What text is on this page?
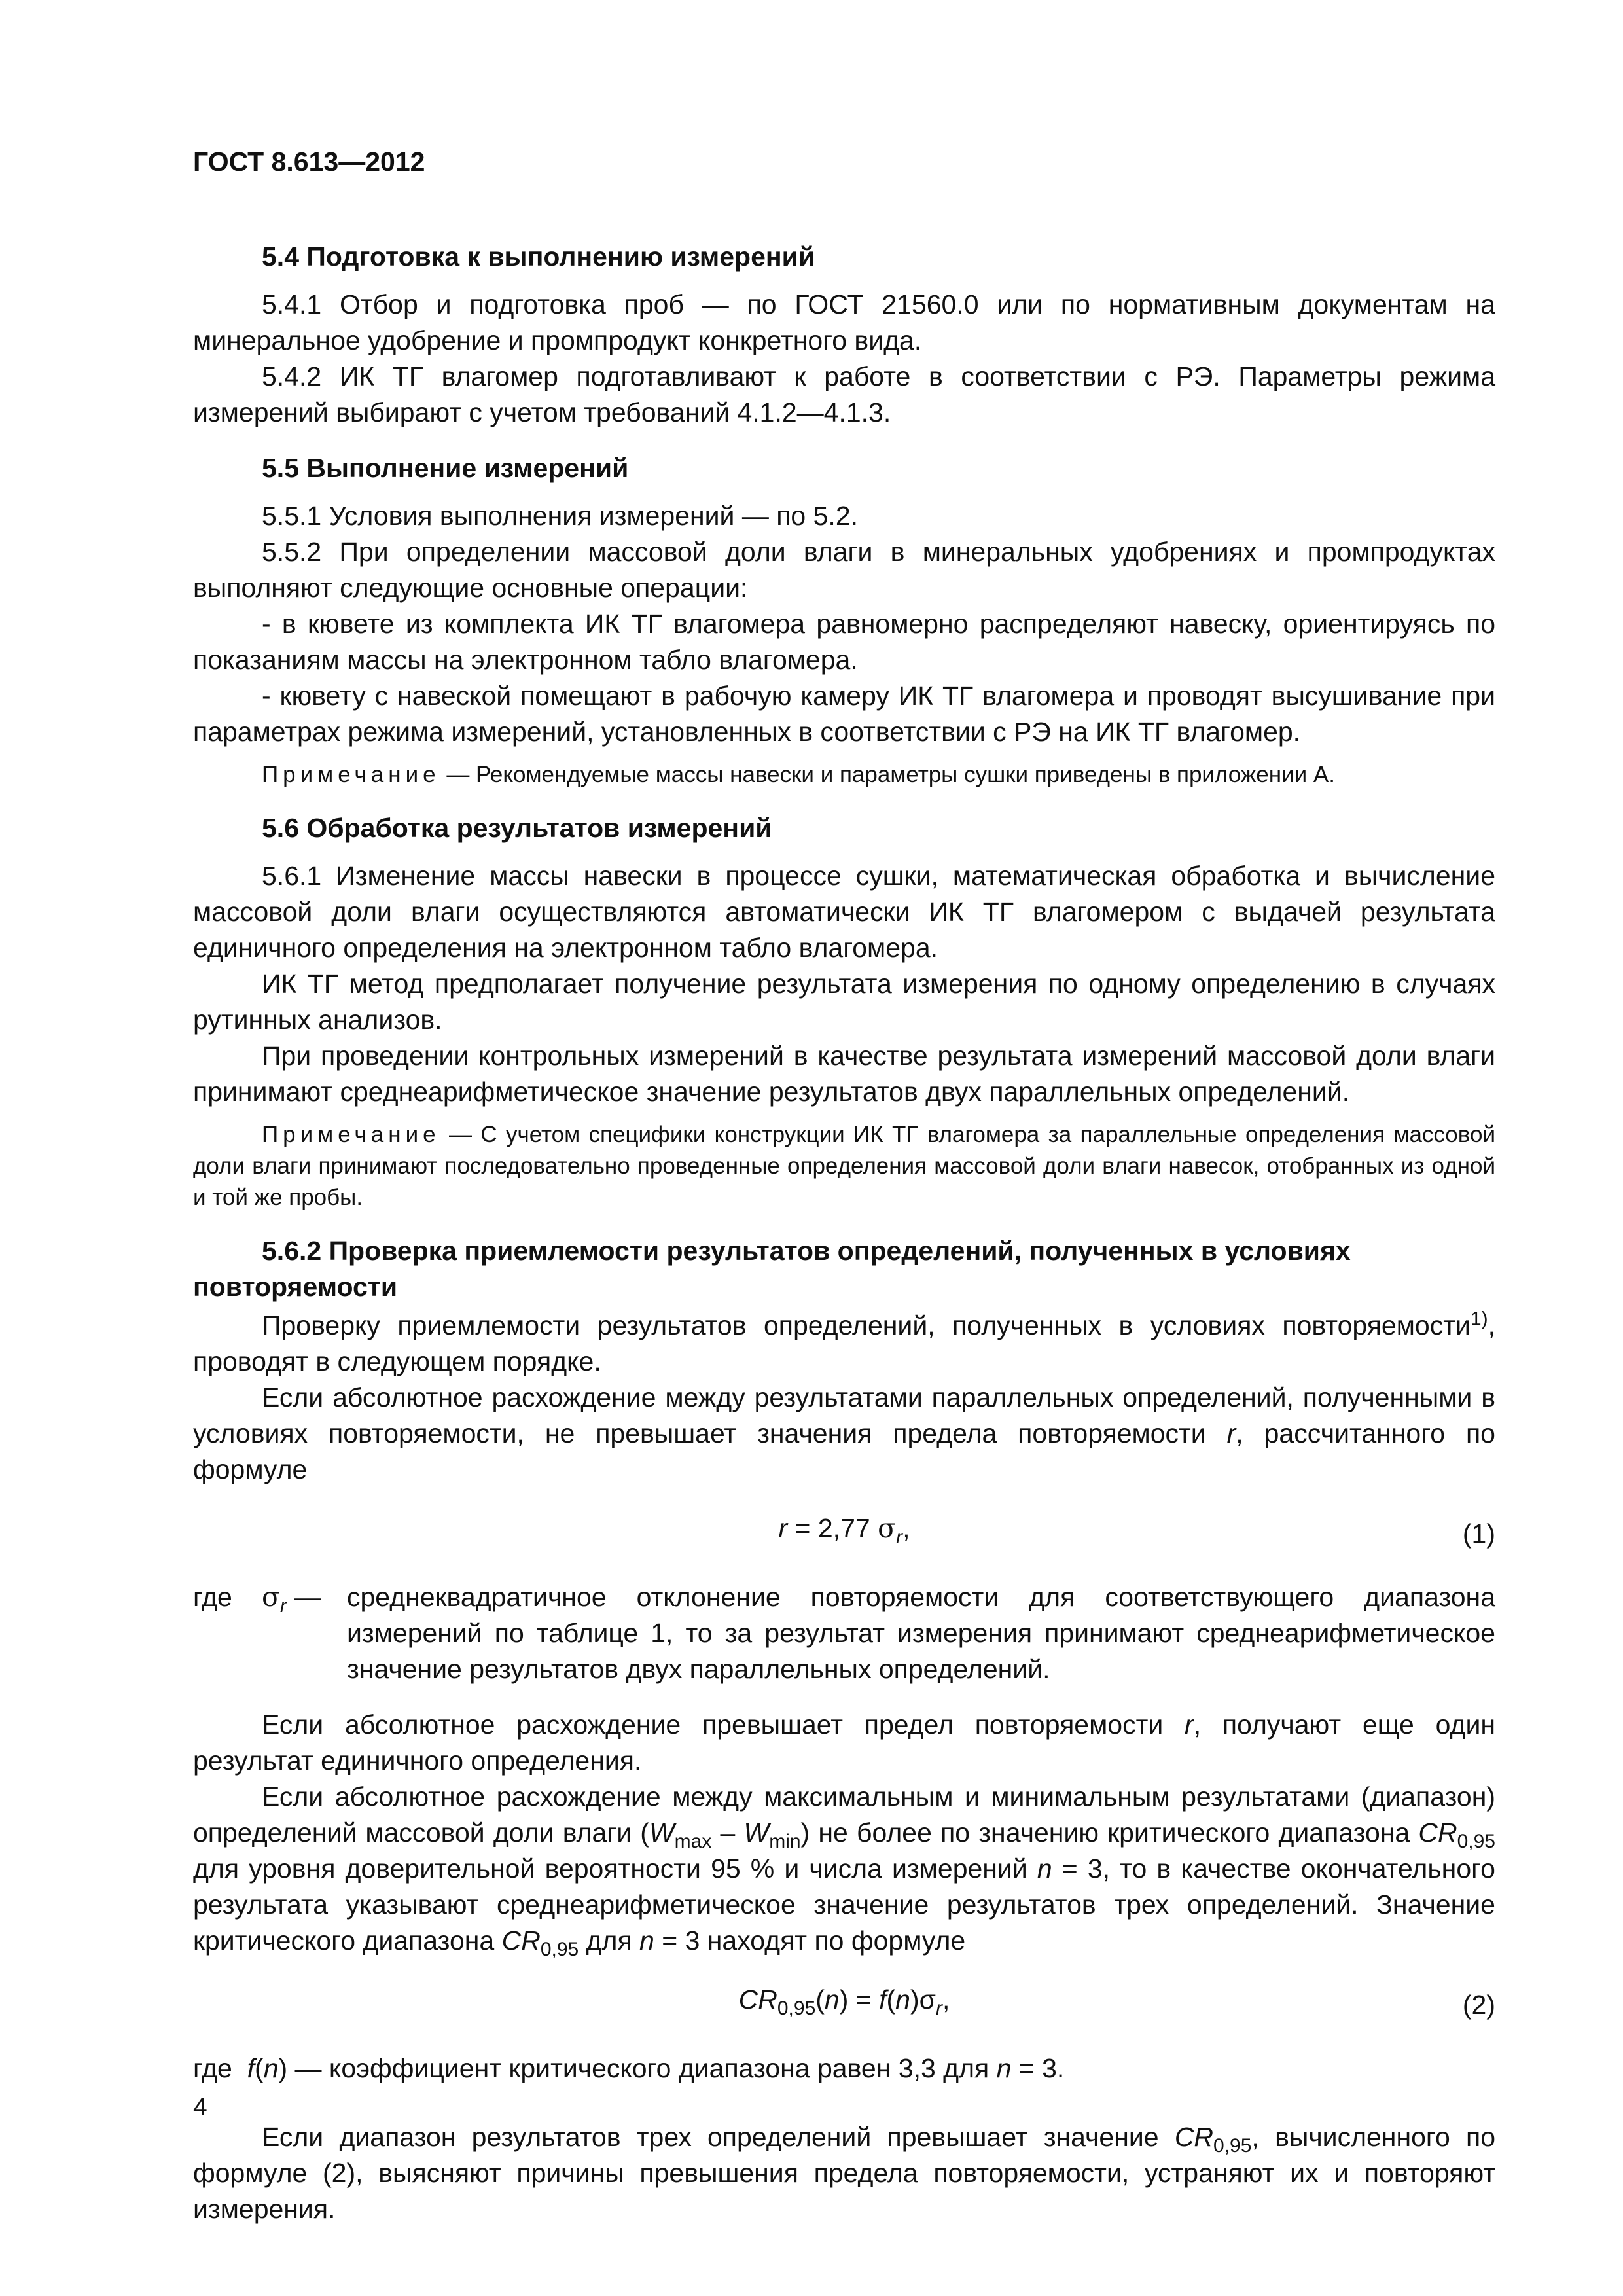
ГОСТ 8.613—2012
5.4 Подготовка к выполнению измерений

5.4.1 Отбор и подготовка проб — по ГОСТ 21560.0 или по нормативным документам на минеральное удобрение и промпродукт конкретного вида.

5.4.2 ИК ТГ влагомер подготавливают к работе в соответствии с РЭ. Параметры режима измерений выбирают с учетом требований 4.1.2—4.1.3.

5.5 Выполнение измерений

5.5.1 Условия выполнения измерений — по 5.2.

5.5.2 При определении массовой доли влаги в минеральных удобрениях и промпродуктах выполняют следующие основные операции:

- в кювете из комплекта ИК ТГ влагомера равномерно распределяют навеску, ориентируясь по показаниям массы на электронном табло влагомера.

- кювету с навеской помещают в рабочую камеру ИК ТГ влагомера и проводят высушивание при параметрах режима измерений, установленных в соответствии с РЭ на ИК ТГ влагомер.

Примечание — Рекомендуемые массы навески и параметры сушки приведены в приложении А.
5.6 Обработка результатов измерений

5.6.1 Изменение массы навески в процессе сушки, математическая обработка и вычисление массовой доли влаги осуществляются автоматически ИК ТГ влагомером с выдачей результата единичного определения на электронном табло влагомера.

ИК ТГ метод предполагает получение результата измерения по одному определению в случаях рутинных анализов.

При проведении контрольных измерений в качестве результата измерений массовой доли влаги принимают среднеарифметическое значение результатов двух параллельных определений.

Примечание — С учетом специфики конструкции ИК ТГ влагомера за параллельные определения массовой доли влаги принимают последовательно проведенные определения массовой доли влаги навесок, отобранных из одной и той же пробы.
5.6.2 Проверка приемлемости результатов определений, полученных в условиях повторяемости

Проверку приемлемости результатов определений, полученных в условиях повторяемости$^{1)}$, проводят в следующем порядке.

Если абсолютное расхождение между результатами параллельных определений, полученными в условиях повторяемости, не превышает значения предела повторяемости r, рассчитанного по формуле

r = 2,77 $\sigma_r$,	(1)
где	$\sigma_r$ — среднеквадратичное отклонение повторяемости для соответствующего диапазона измерений по таблице 1, то за результат измерения принимают среднеарифметическое значение результатов двух параллельных определений.

Если абсолютное расхождение превышает предел повторяемости r, получают еще один результат единичного определения.

Если абсолютное расхождение между максимальным и минимальным результатами (диапазон) определений массовой доли влаги $(W_{max} - W_{min})$ не более по значению критического диапазона $CR_{0,95}$ для уровня доверительной вероятности 95 % и числа измерений n = 3, то в качестве окончательного результата указывают среднеарифметическое значение результатов трех определений. Значение критического диапазона $CR_{0,95}$ для n = 3 находят по формуле

$CR_{0,95}(n) = f(n)\sigma_r$,	(2)
где  f(n) — коэффициент критического диапазона равен 3,3 для n = 3.

Если диапазон результатов трех определений превышает значение $CR_{0,95}$, вычисленного по формуле (2), выясняют причины превышения предела повторяемости, устраняют их и повторяют измерения.

4
